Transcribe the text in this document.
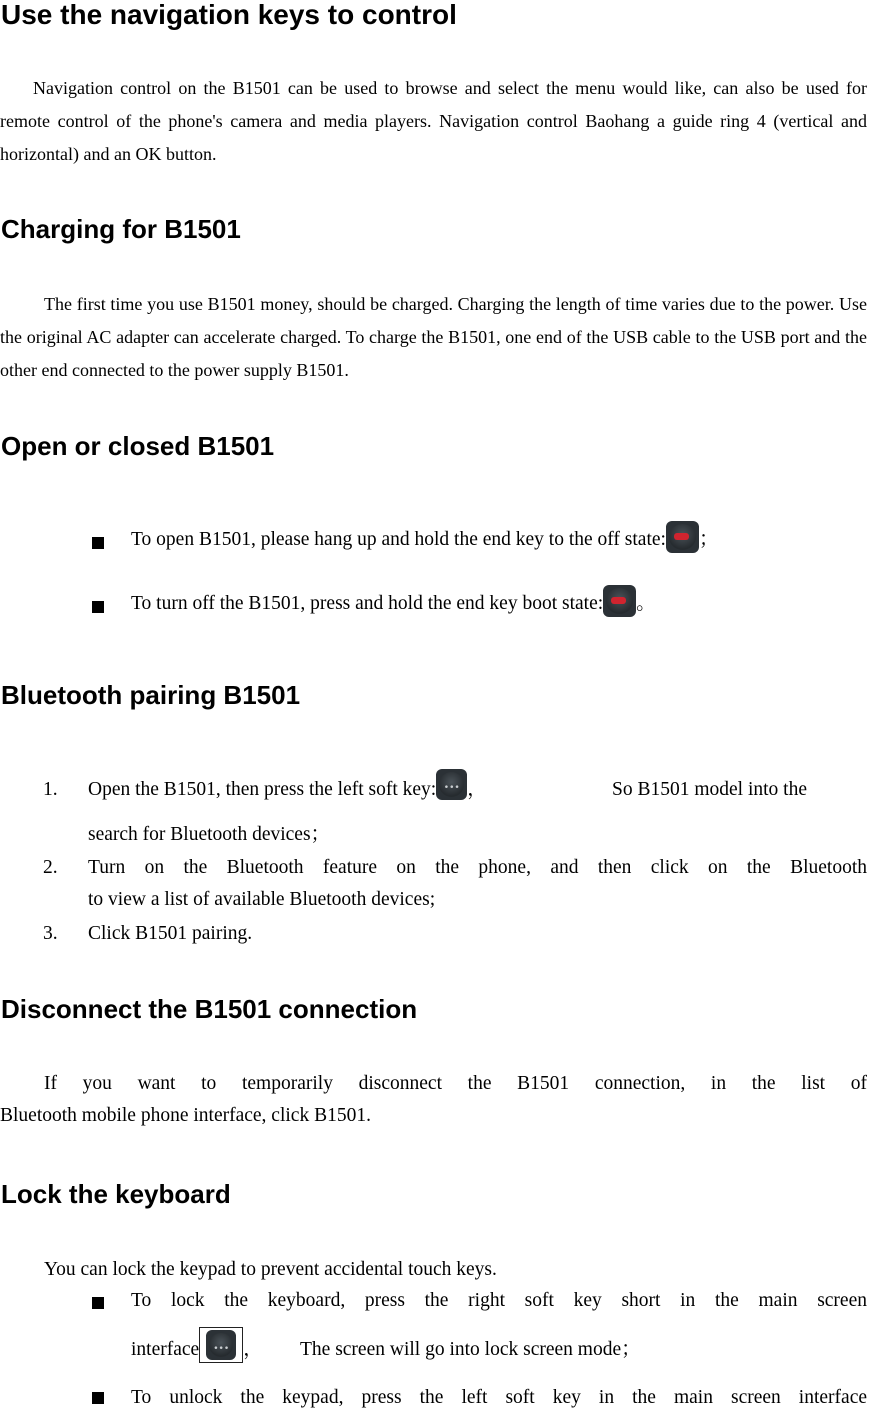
Use the navigation keys to control
Navigation control on the B1501 can be used to browse and select the menu would like, can also be used for remote control of the phone's camera and media players. Navigation control Baohang a guide ring 4 (vertical and horizontal) and an OK button.
Charging for B1501
The first time you use B1501 money, should be charged. Charging the length of time varies due to the power. Use the original AC adapter can accelerate charged. To charge the B1501, one end of the USB cable to the USB port and the other end connected to the power supply B1501.
Open or closed B1501
To open B1501, please hang up and hold the end key to the off state: ；
To turn off the B1501, press and hold the end key boot state: 。
Bluetooth pairing B1501
1. Open the B1501, then press the left soft key: ••• ，	So B1501 model into the
search for Bluetooth devices；
2. Turn on the Bluetooth feature on the phone, and then click on the Bluetooth
to view a list of available Bluetooth devices;
3. Click B1501 pairing.
Disconnect the B1501 connection
If you want to temporarily disconnect the B1501 connection, in the list of
Bluetooth mobile phone interface, click B1501.
Lock the keyboard
You can lock the keypad to prevent accidental touch keys.
To lock the keyboard, press the right soft key short in the main screen
interface ••• ， The screen will go into lock screen mode；
To unlock the keypad, press the left soft key in the main screen interface
